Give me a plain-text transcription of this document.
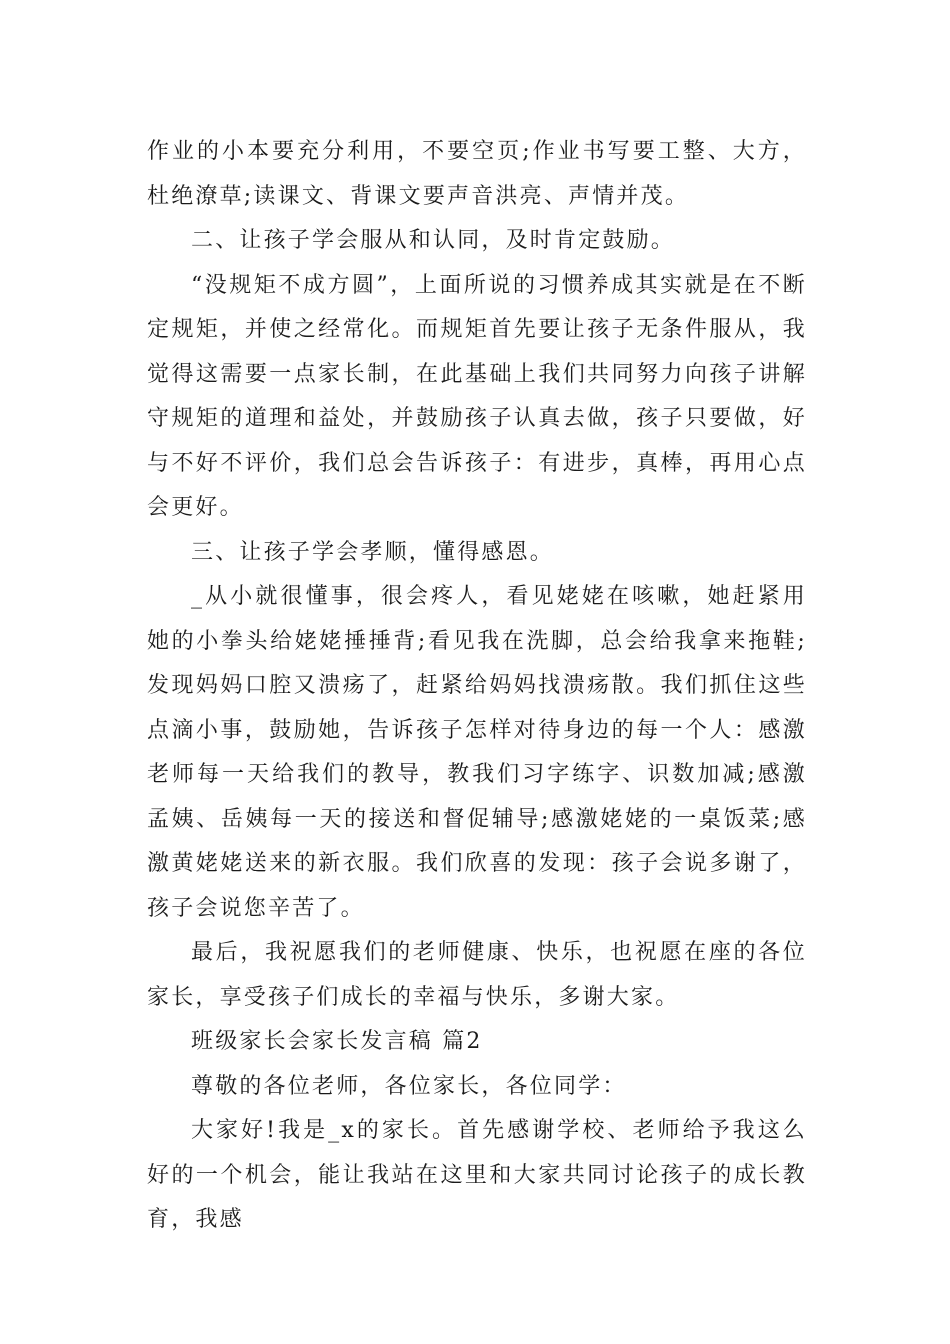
作业的小本要充分利用，不要空页;作业书写要工整、大方，杜绝潦草;读课文、背课文要声音洪亮、声情并茂。

二、让孩子学会服从和认同，及时肯定鼓励。

“没规矩不成方圆”，上面所说的习惯养成其实就是在不断定规矩，并使之经常化。而规矩首先要让孩子无条件服从，我觉得这需要一点家长制，在此基础上我们共同努力向孩子讲解守规矩的道理和益处，并鼓励孩子认真去做，孩子只要做，好与不好不评价，我们总会告诉孩子：有进步，真棒，再用心点会更好。

三、让孩子学会孝顺，懂得感恩。

_从小就很懂事，很会疼人，看见姥姥在咳嗽，她赶紧用她的小拳头给姥姥捶捶背;看见我在洗脚，总会给我拿来拖鞋;发现妈妈口腔又溃疡了，赶紧给妈妈找溃疡散。我们抓住这些点滴小事，鼓励她，告诉孩子怎样对待身边的每一个人：感激老师每一天给我们的教导，教我们习字练字、识数加减;感激孟姨、岳姨每一天的接送和督促辅导;感激姥姥的一桌饭菜;感激黄姥姥送来的新衣服。我们欣喜的发现：孩子会说多谢了，孩子会说您辛苦了。

最后，我祝愿我们的老师健康、快乐，也祝愿在座的各位家长，享受孩子们成长的幸福与快乐，多谢大家。

班级家长会家长发言稿 篇2

尊敬的各位老师，各位家长，各位同学：

大家好!我是_x的家长。首先感谢学校、老师给予我这么好的一个机会，能让我站在这里和大家共同讨论孩子的成长教育，我感
